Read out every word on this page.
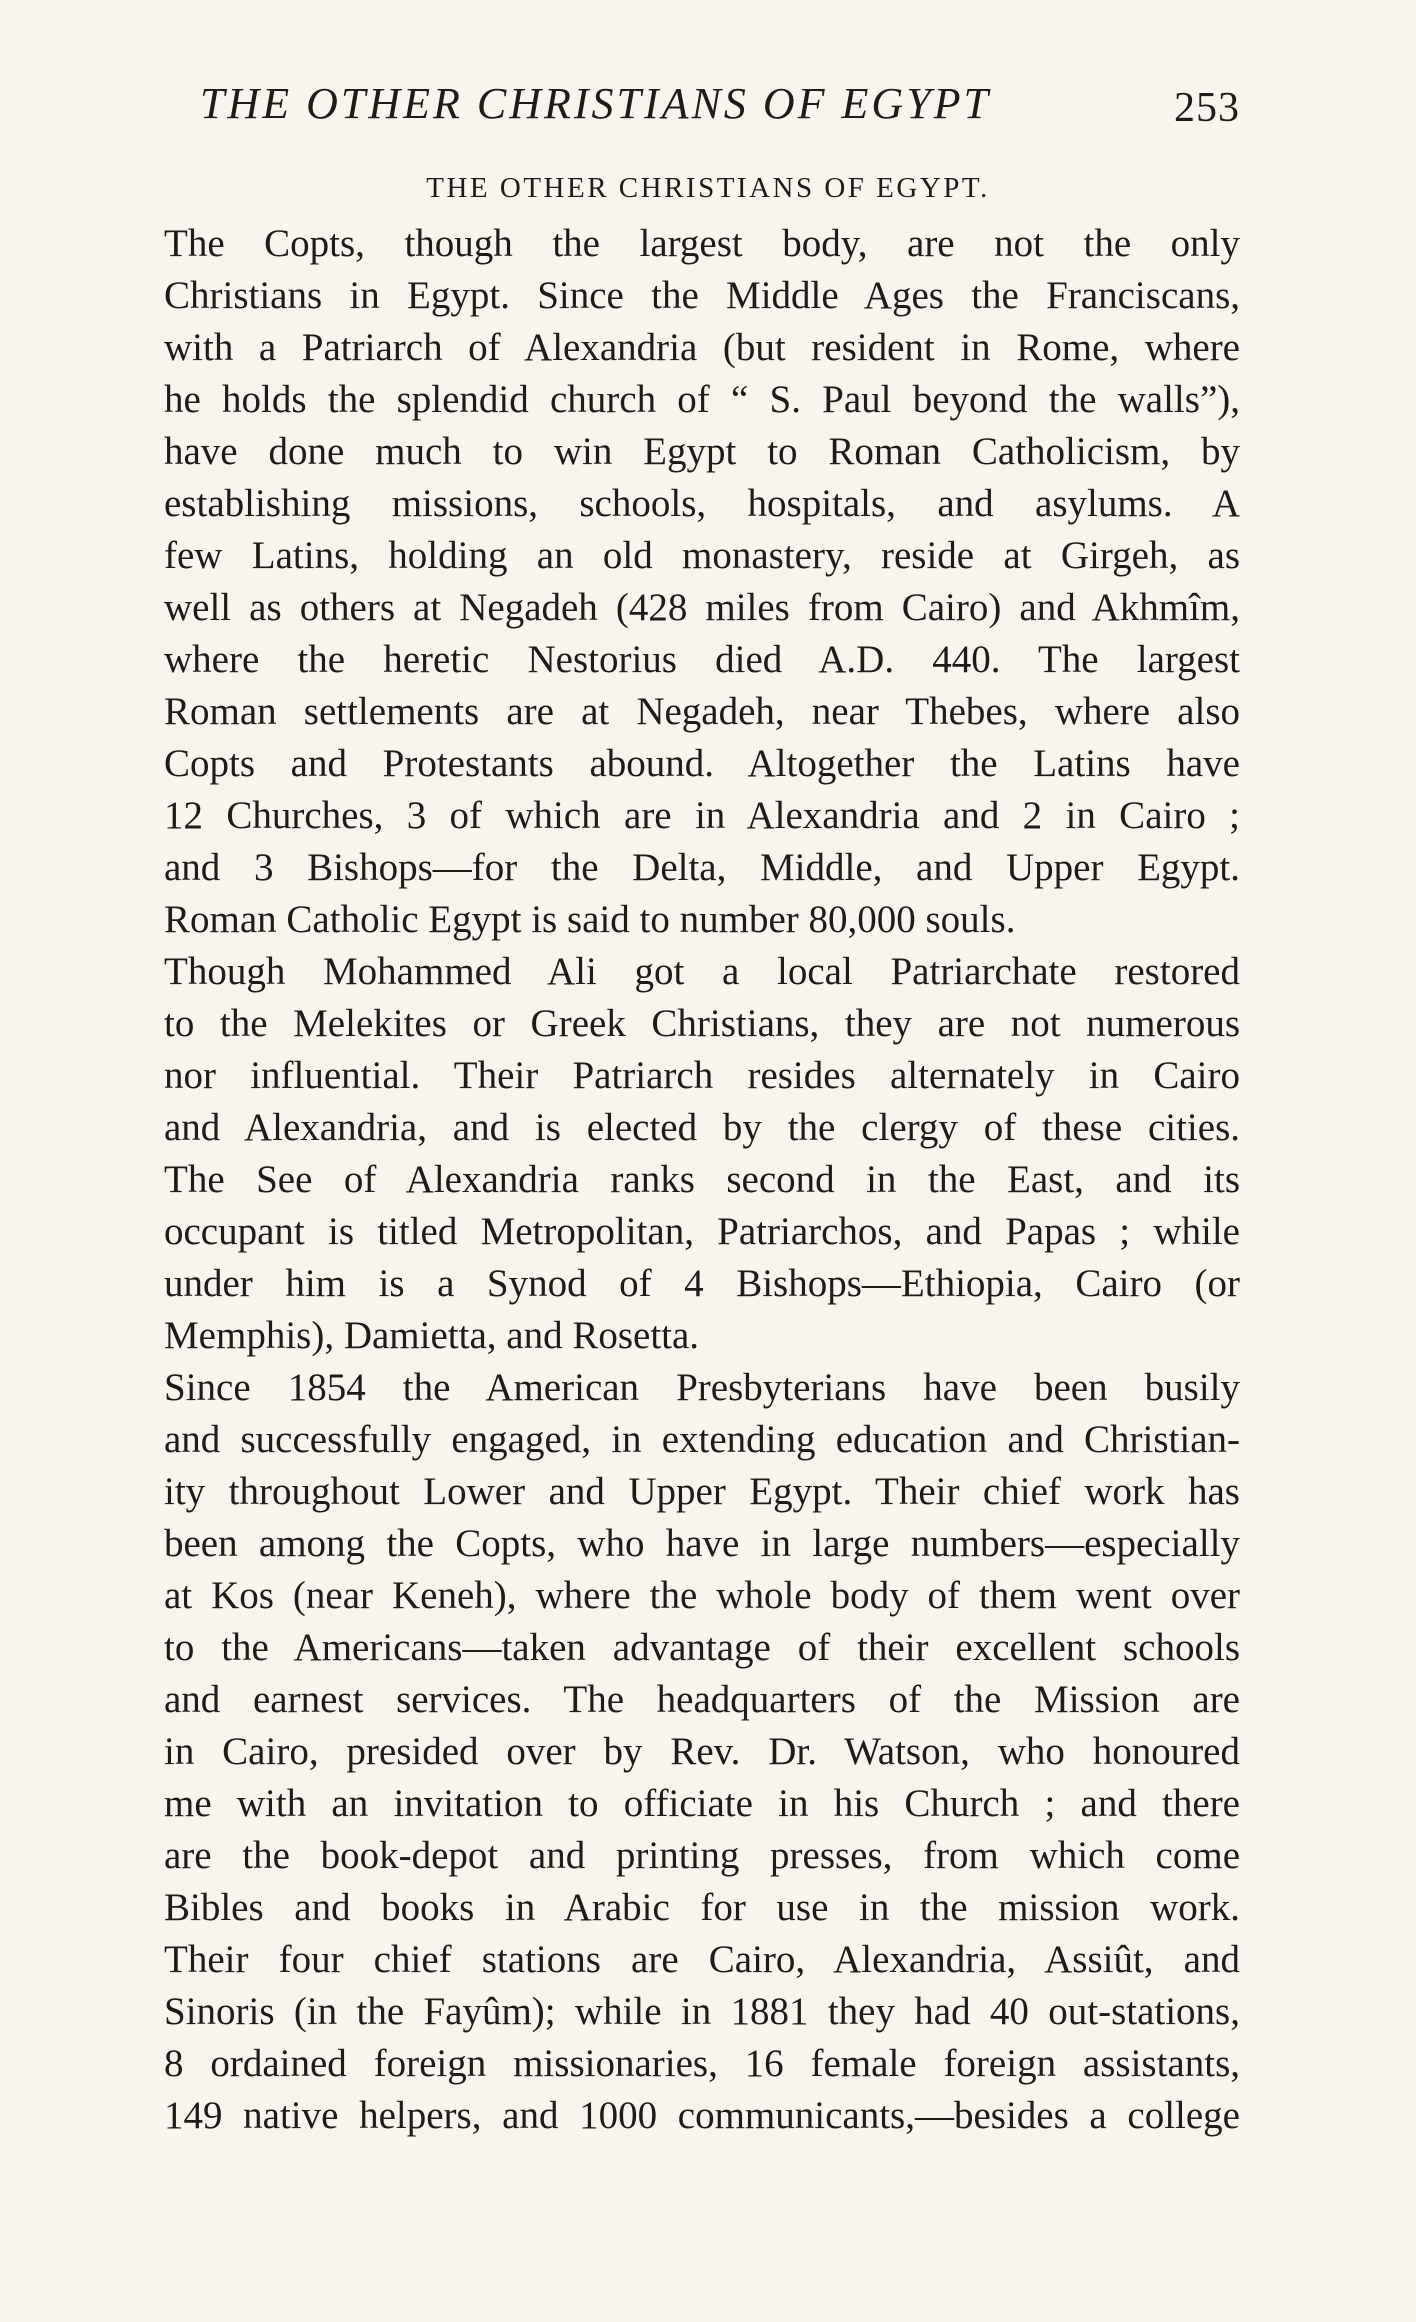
THE OTHER CHRISTIANS OF EGYPT	253
THE OTHER CHRISTIANS OF EGYPT.
The Copts, though the largest body, are not the only
Christians in Egypt. Since the Middle Ages the Franciscans,
with a Patriarch of Alexandria (but resident in Rome, where
he holds the splendid church of “ S. Paul beyond the walls”),
have done much to win Egypt to Roman Catholicism, by
establishing missions, schools, hospitals, and asylums. A
few Latins, holding an old monastery, reside at Girgeh, as
well as others at Negadeh (428 miles from Cairo) and Akhmîm,
where the heretic Nestorius died A.D. 440. The largest
Roman settlements are at Negadeh, near Thebes, where also
Copts and Protestants abound. Altogether the Latins have
12 Churches, 3 of which are in Alexandria and 2 in Cairo ;
and 3 Bishops—for the Delta, Middle, and Upper Egypt.
Roman Catholic Egypt is said to number 80,000 souls.
Though Mohammed Ali got a local Patriarchate restored
to the Melekites or Greek Christians, they are not numerous
nor influential. Their Patriarch resides alternately in Cairo
and Alexandria, and is elected by the clergy of these cities.
The See of Alexandria ranks second in the East, and its
occupant is titled Metropolitan, Patriarchos, and Papas ; while
under him is a Synod of 4 Bishops—Ethiopia, Cairo (or
Memphis), Damietta, and Rosetta.
Since 1854 the American Presbyterians have been busily
and successfully engaged, in extending education and Christian-
ity throughout Lower and Upper Egypt. Their chief work has
been among the Copts, who have in large numbers—especially
at Kos (near Keneh), where the whole body of them went over
to the Americans—taken advantage of their excellent schools
and earnest services. The headquarters of the Mission are
in Cairo, presided over by Rev. Dr. Watson, who honoured
me with an invitation to officiate in his Church ; and there
are the book-depot and printing presses, from which come
Bibles and books in Arabic for use in the mission work.
Their four chief stations are Cairo, Alexandria, Assiût, and
Sinoris (in the Fayûm); while in 1881 they had 40 out-stations,
8 ordained foreign missionaries, 16 female foreign assistants,
149 native helpers, and 1000 communicants,—besides a college
